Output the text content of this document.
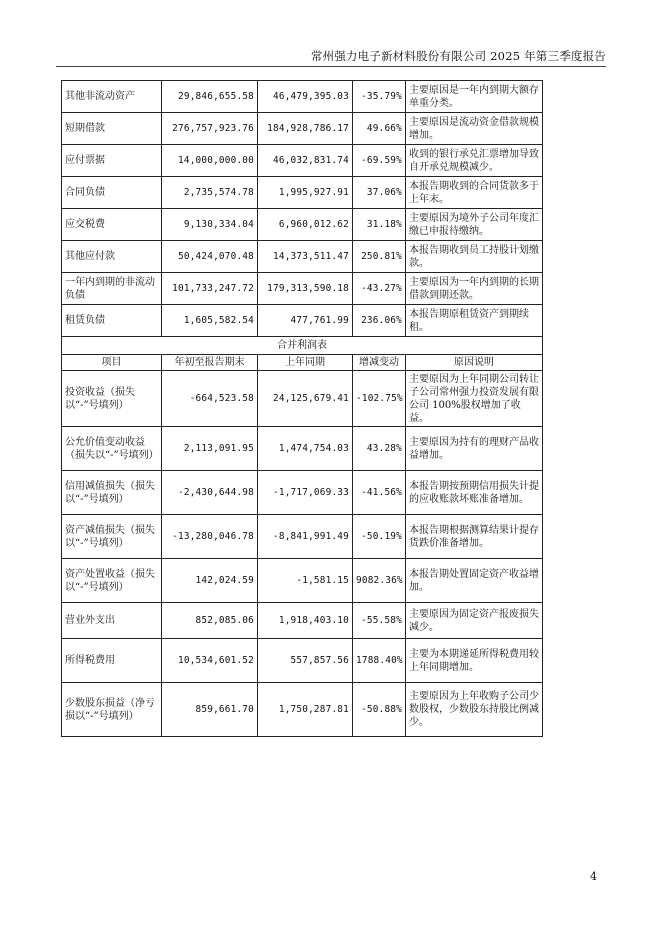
常州强力电子新材料股份有限公司 2025 年第三季度报告
其他非流动资产	29,846,655.58	46,479,395.03	-35.79%	主要原因是一年内到期大额存单重分类。
短期借款	276,757,923.76	184,928,786.17	49.66%	主要原因是流动资金借款规模增加。
应付票据	14,000,000.00	46,032,831.74	-69.59%	收到的银行承兑汇票增加导致自开承兑规模减少。
合同负债	2,735,574.78	1,995,927.91	37.06%	本报告期收到的合同货款多于上年末。
应交税费	9,130,334.04	6,960,012.62	31.18%	主要原因为境外子公司年度汇缴已申报待缴纳。
其他应付款	50,424,070.48	14,373,511.47	250.81%	本报告期收到员工持股计划缴款。
一年内到期的非流动负债	101,733,247.72	179,313,590.18	-43.27%	主要原因为一年内到期的长期借款到期还款。
租赁负债	1,605,582.54	477,761.99	236.06%	本报告期原租赁资产到期续租。
合并利润表				
项目	年初至报告期末	上年同期	增减变动	原因说明
投资收益（损失以“-”号填列）	-664,523.58	24,125,679.41	-102.75%	主要原因为上年同期公司转让子公司常州强力投资发展有限公司 100%股权增加了收益。
公允价值变动收益（损失以“-”号填列）	2,113,091.95	1,474,754.03	43.28%	主要原因为持有的理财产品收益增加。
信用减值损失（损失以“-”号填列）	-2,430,644.98	-1,717,069.33	-41.56%	本报告期按预期信用损失计提的应收账款坏账准备增加。
资产减值损失（损失以“-”号填列）	-13,280,046.78	-8,841,991.49	-50.19%	本报告期根据测算结果计提存货跌价准备增加。
资产处置收益（损失以“-”号填列）	142,024.59	-1,581.15	9082.36%	本报告期处置固定资产收益增加。
营业外支出	852,085.06	1,918,403.10	-55.58%	主要原因为固定资产报废损失减少。
所得税费用	10,534,601.52	557,857.56	1788.40%	主要为本期递延所得税费用较上年同期增加。
少数股东损益（净亏损以“-”号填列）	859,661.70	1,750,287.81	-50.88%	主要原因为上年收购子公司少数股权，少数股东持股比例减少。
4
